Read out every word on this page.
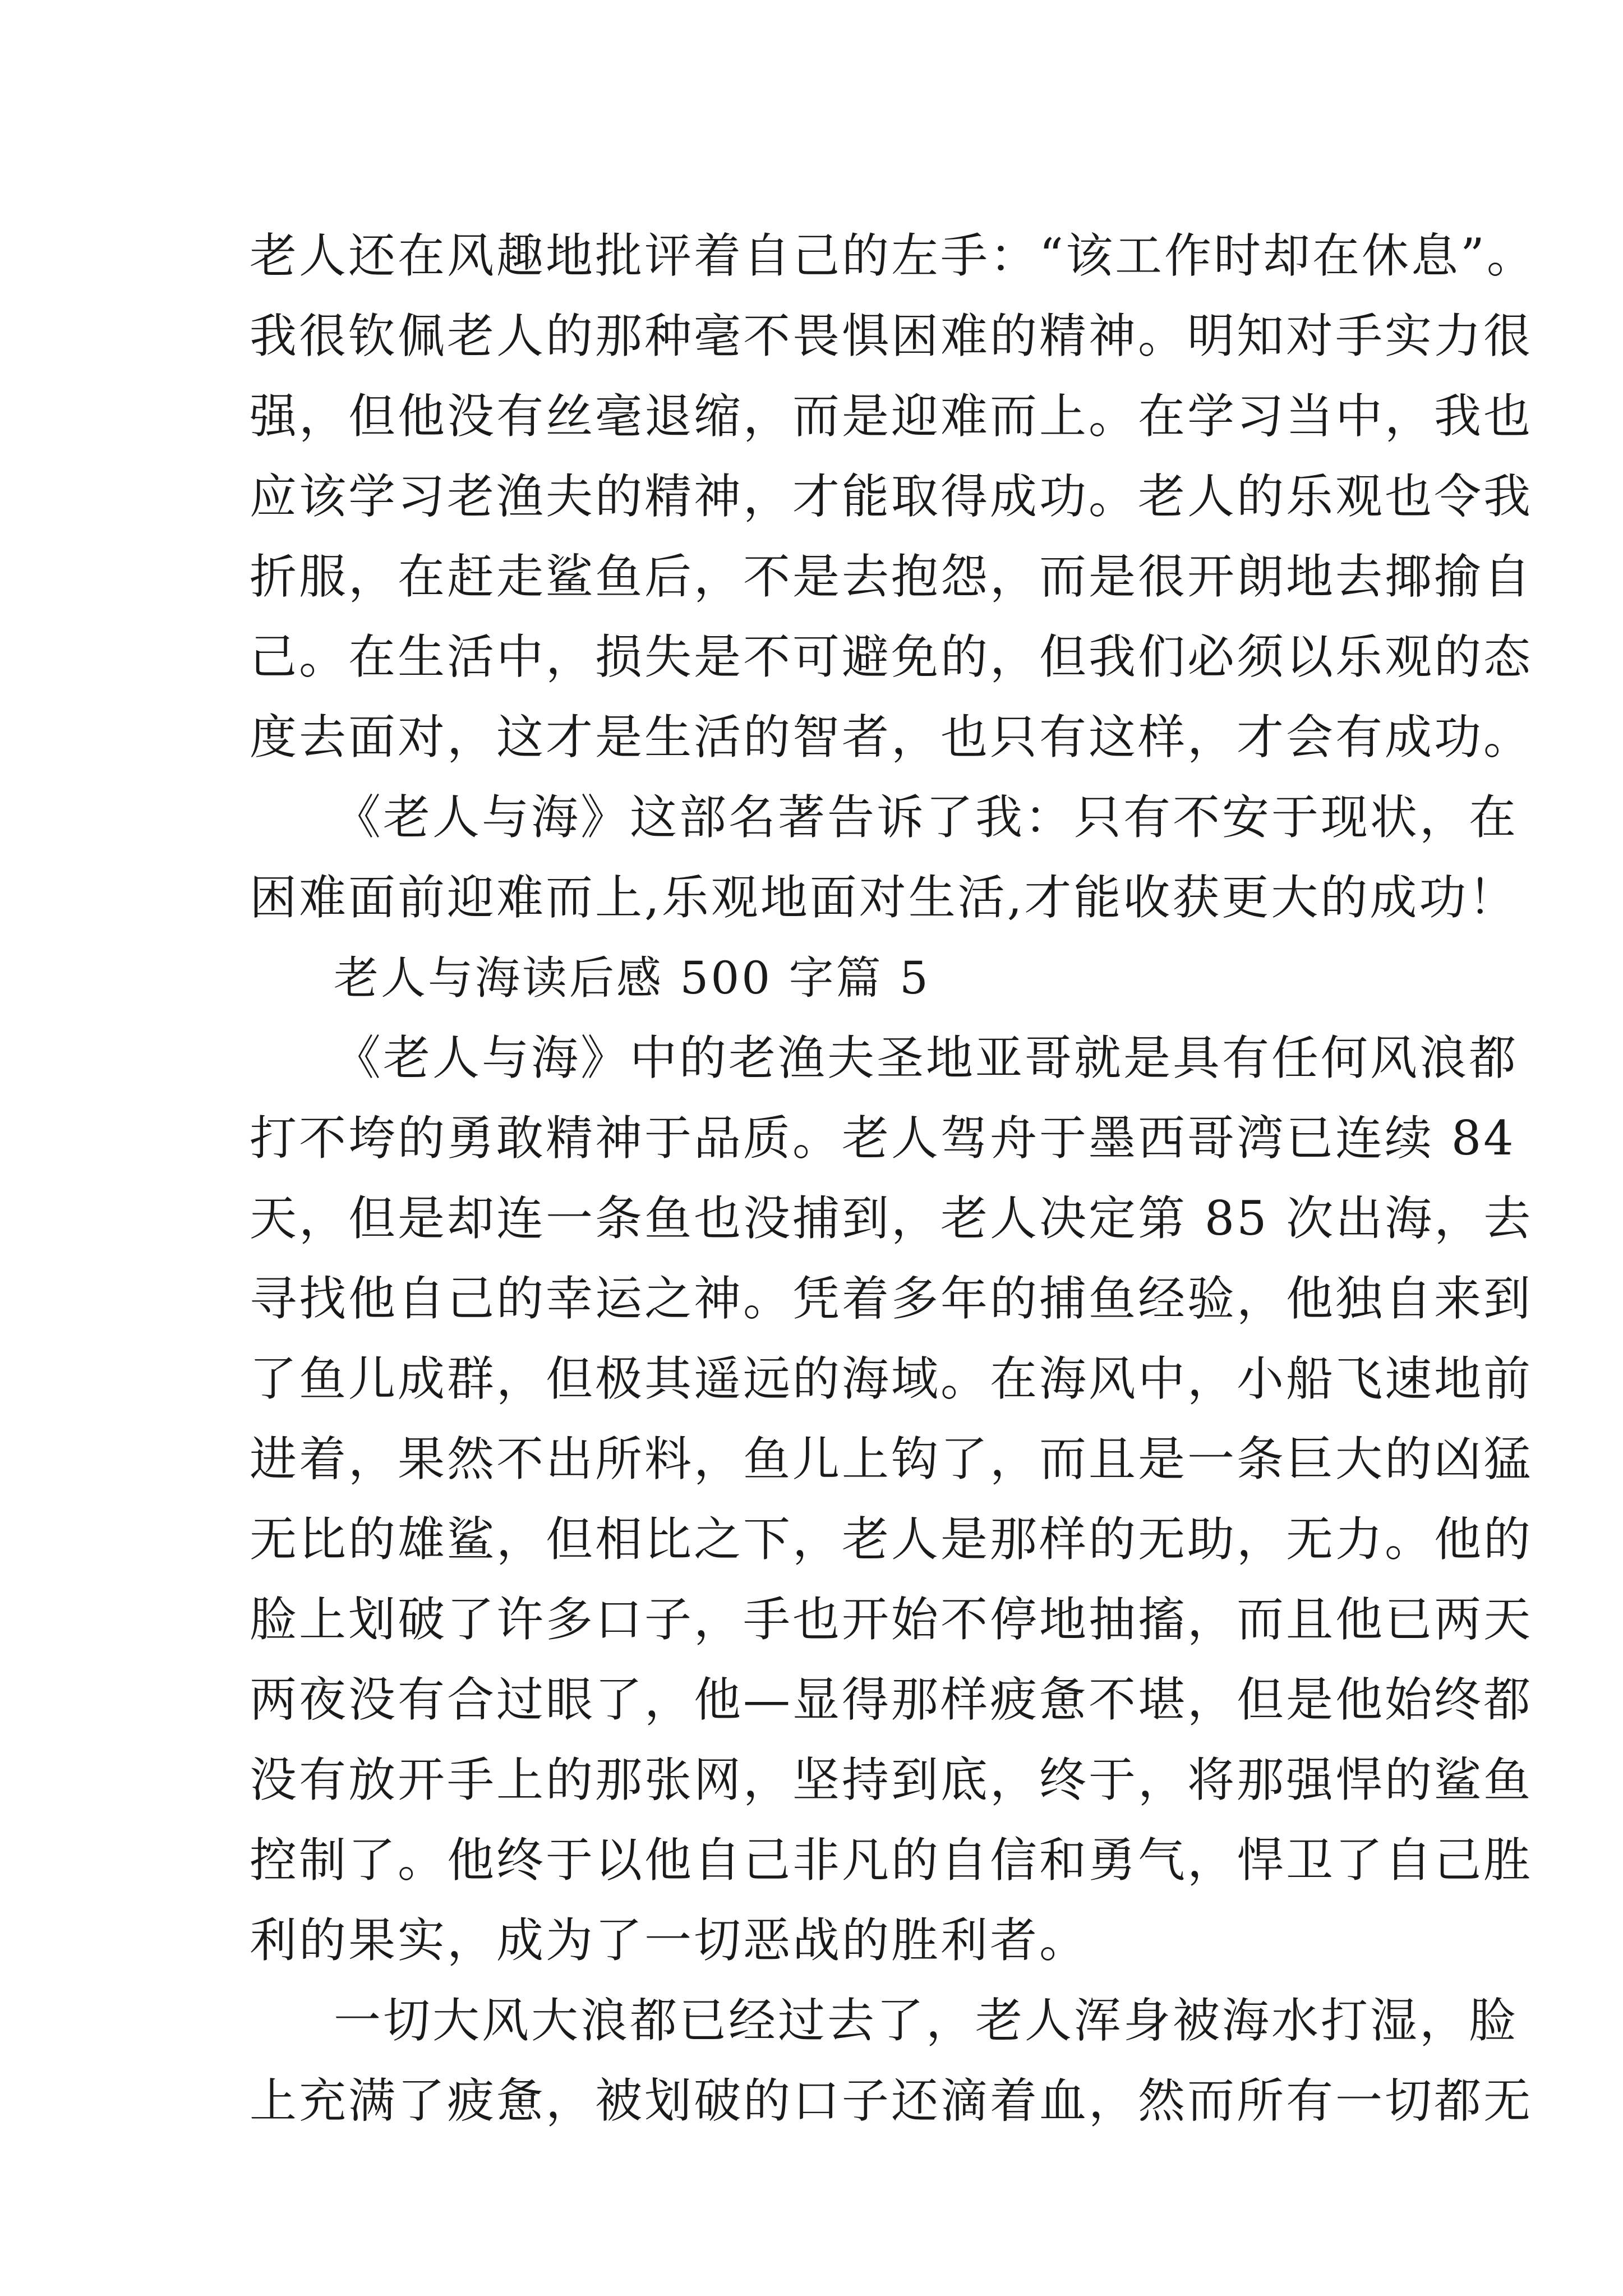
老人还在风趣地批评着自己的左手：“该工作时却在休息”。
我很钦佩老人的那种毫不畏惧困难的精神。明知对手实力很
强，但他没有丝毫退缩，而是迎难而上。在学习当中，我也
应该学习老渔夫的精神，才能取得成功。老人的乐观也令我
折服，在赶走鲨鱼后，不是去抱怨，而是很开朗地去揶揄自
己。在生活中，损失是不可避免的，但我们必须以乐观的态
度去面对，这才是生活的智者，也只有这样，才会有成功。
《老人与海》这部名著告诉了我：只有不安于现状，在
困难面前迎难而上,乐观地面对生活,才能收获更大的成功！
老人与海读后感 500 字篇 5
《老人与海》中的老渔夫圣地亚哥就是具有任何风浪都
打不垮的勇敢精神于品质。老人驾舟于墨西哥湾已连续 84
天，但是却连一条鱼也没捕到，老人决定第 85 次出海，去
寻找他自己的幸运之神。凭着多年的捕鱼经验，他独自来到
了鱼儿成群，但极其遥远的海域。在海风中，小船飞速地前
进着，果然不出所料，鱼儿上钩了，而且是一条巨大的凶猛
无比的雄鲨，但相比之下，老人是那样的无助，无力。他的
脸上划破了许多口子，手也开始不停地抽搐，而且他已两天
两夜没有合过眼了，他—显得那样疲惫不堪，但是他始终都
没有放开手上的那张网，坚持到底，终于，将那强悍的鲨鱼
控制了。他终于以他自己非凡的自信和勇气，悍卫了自己胜
利的果实，成为了一切恶战的胜利者。
一切大风大浪都已经过去了，老人浑身被海水打湿，脸
上充满了疲惫，被划破的口子还滴着血，然而所有一切都无
